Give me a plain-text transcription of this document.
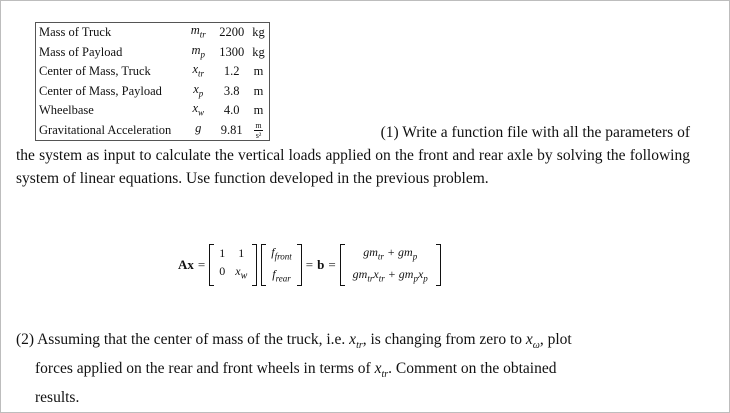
Mass of Truck	$m_{tr}$	2200	kg
Mass of Payload	$m_p$	1300	kg
Center of Mass, Truck	$x_{tr}$	1.2	m
Center of Mass, Payload	$x_p$	3.8	m
Wheelbase	$x_w$	4.0	m
Gravitational Acceleration	g	9.81	$\frac{m}{\text{s²}}$	(1) Write a function file with all the parameters of
the system as input to calculate the vertical loads applied on the front and rear axle by solving the following system of linear equations. Use function developed in the previous problem.
Ax =
1 1
0 $x_w$
$f_{front}$
$f_{rear}$
= b =
$gm_{tr} + gm_p$
$gm_{tr}x_{tr} + gm_px_p$
(2) Assuming that the center of mass of the truck, i.e. $x_{tr}$, is changing from zero to $x_\omega$, plot
forces applied on the rear and front wheels in terms of $x_{tr}$. Comment on the obtained
results.
